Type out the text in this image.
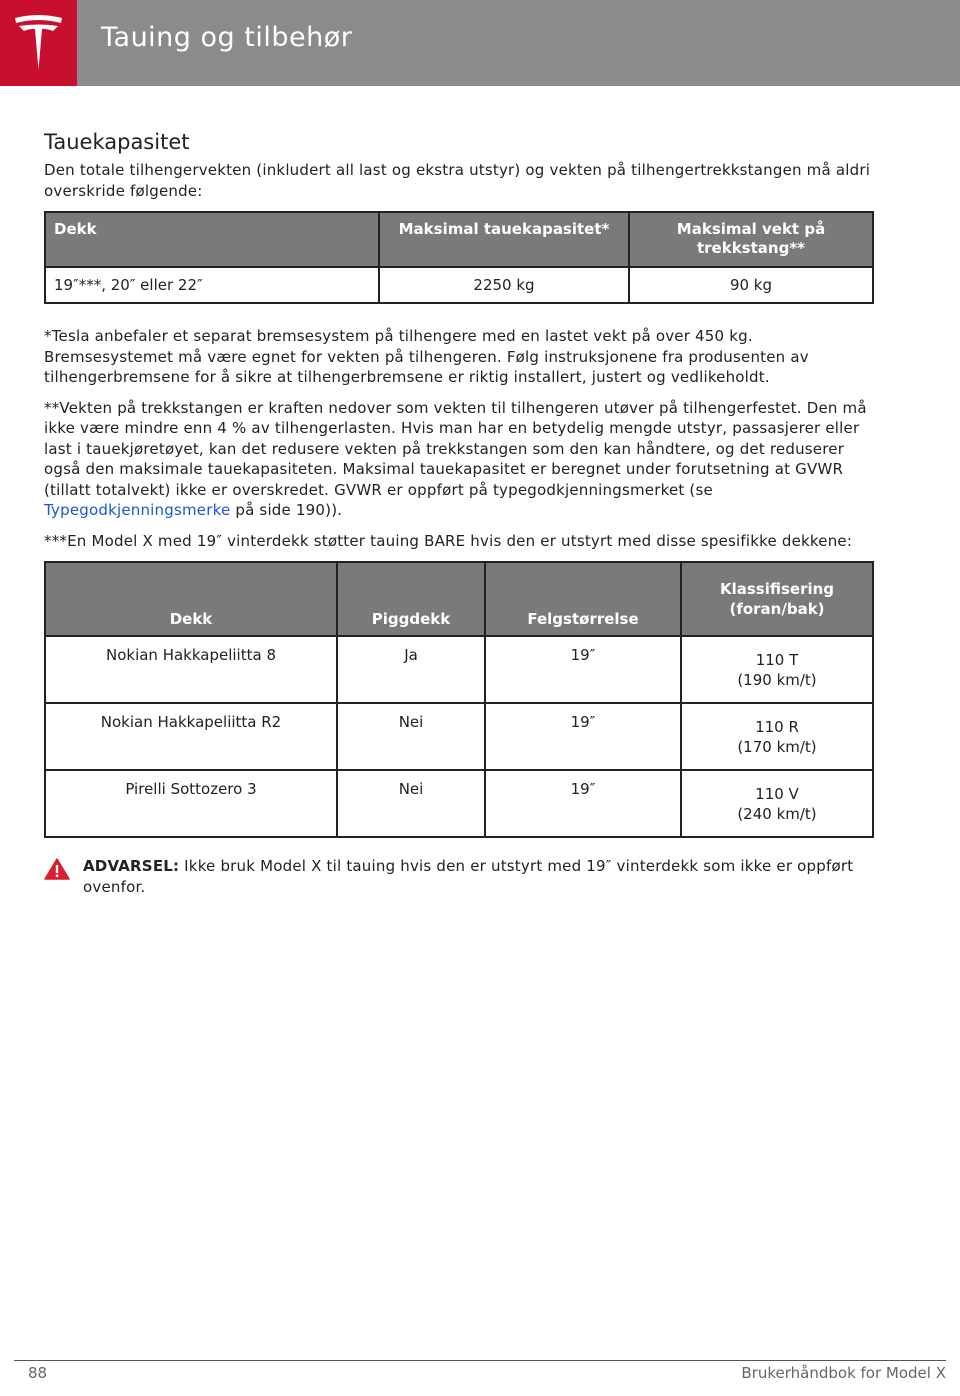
Tauing og tilbehør
Tauekapasitet

Den totale tilhengervekten (inkludert all last og ekstra utstyr) og vekten på tilhengertrekkstangen må aldri overskride følgende:

Dekk	Maksimal tauekapasitet*	Maksimal vekt på trekkstang**
19″***, 20″ eller 22″	2250 kg	90 kg

*Tesla anbefaler et separat bremsesystem på tilhengere med en lastet vekt på over 450 kg. Bremsesystemet må være egnet for vekten på tilhengeren. Følg instruksjonene fra produsenten av tilhengerbremsene for å sikre at tilhengerbremsene er riktig installert, justert og vedlikeholdt.

**Vekten på trekkstangen er kraften nedover som vekten til tilhengeren utøver på tilhengerfestet. Den må ikke være mindre enn 4 % av tilhengerlasten. Hvis man har en betydelig mengde utstyr, passasjerer eller last i tauekjøretøyet, kan det redusere vekten på trekkstangen som den kan håndtere, og det reduserer også den maksimale tauekapasiteten. Maksimal tauekapasitet er beregnet under forutsetning at GVWR (tillatt totalvekt) ikke er overskredet. GVWR er oppført på typegodkjenningsmerket (se Typegodkjenningsmerke på side 190)).

***En Model X med 19″ vinterdekk støtter tauing BARE hvis den er utstyrt med disse spesifikke dekkene:

Dekk	Piggdekk	Felgstørrelse	Klassifisering (foran/bak)

Nokian Hakkapeliitta 8	Ja	19″	110 T
(190 km/t)

Nokian Hakkapeliitta R2	Nei	19″	110 R
(170 km/t)

Pirelli Sottozero 3	Nei	19″	110 V
(240 km/t)
ADVARSEL: Ikke bruk Model X til tauing hvis den er utstyrt med 19″ vinterdekk som ikke er oppført ovenfor.
88	Brukerhåndbok for Model X
